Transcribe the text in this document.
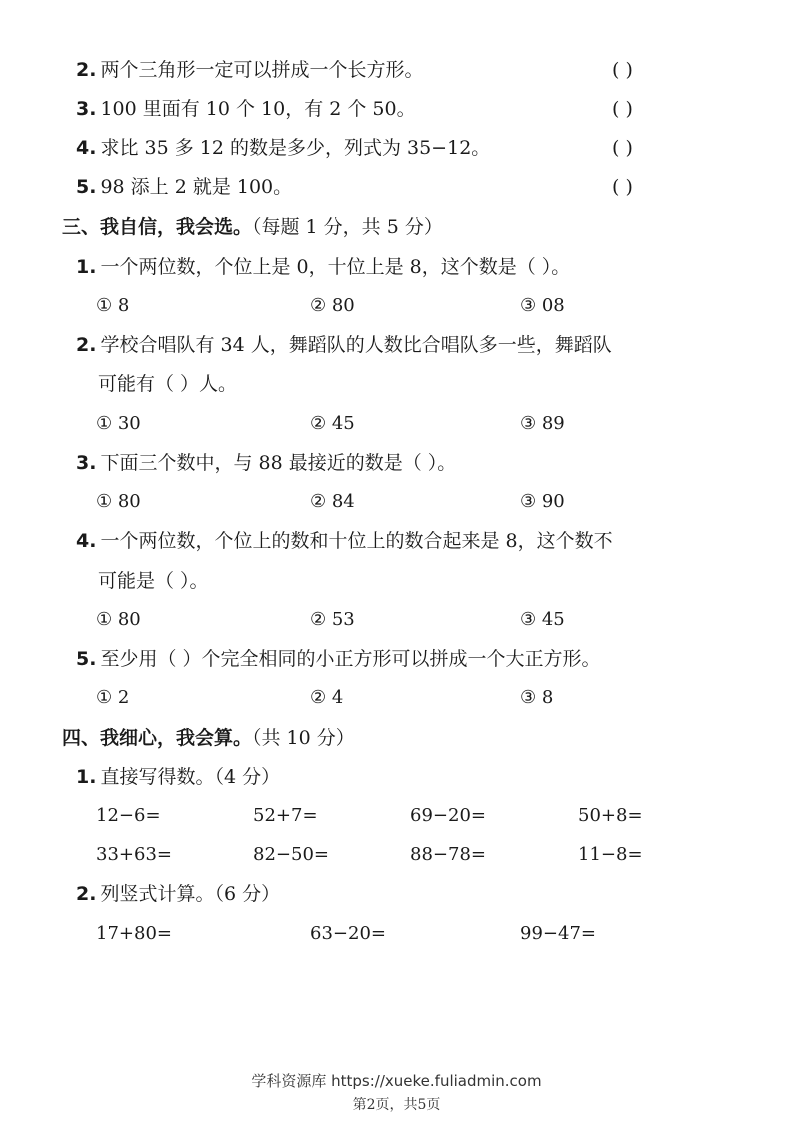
2. 两个三角形一定可以拼成一个长方形。	( )
3. 100 里面有 10 个 10，有 2 个 50。	( )
4. 求比 35 多 12 的数是多少，列式为 35−12。	( )
5. 98 添上 2 就是 100。	( )
三、我自信，我会选。（每题 1 分，共 5 分）
1. 一个两位数，个位上是 0，十位上是 8，这个数是（ ）。
① 8	② 80	③ 08
2. 学校合唱队有 34 人，舞蹈队的人数比合唱队多一些，舞蹈队
可能有（ ）人。
① 30	② 45	③ 89
3. 下面三个数中，与 88 最接近的数是（ ）。
① 80	② 84	③ 90
4. 一个两位数，个位上的数和十位上的数合起来是 8，这个数不
可能是（ ）。
① 80	② 53	③ 45
5. 至少用（ ）个完全相同的小正方形可以拼成一个大正方形。
① 2	② 4	③ 8
四、我细心，我会算。（共 10 分）
1. 直接写得数。（4 分）
12−6=	52+7=	69−20=	50+8=
33+63=	82−50=	88−78=	11−8=
2. 列竖式计算。（6 分）
17+80=	63−20=	99−47=
学科资源库 https://xueke.fuliadmin.com
第2页，共5页
